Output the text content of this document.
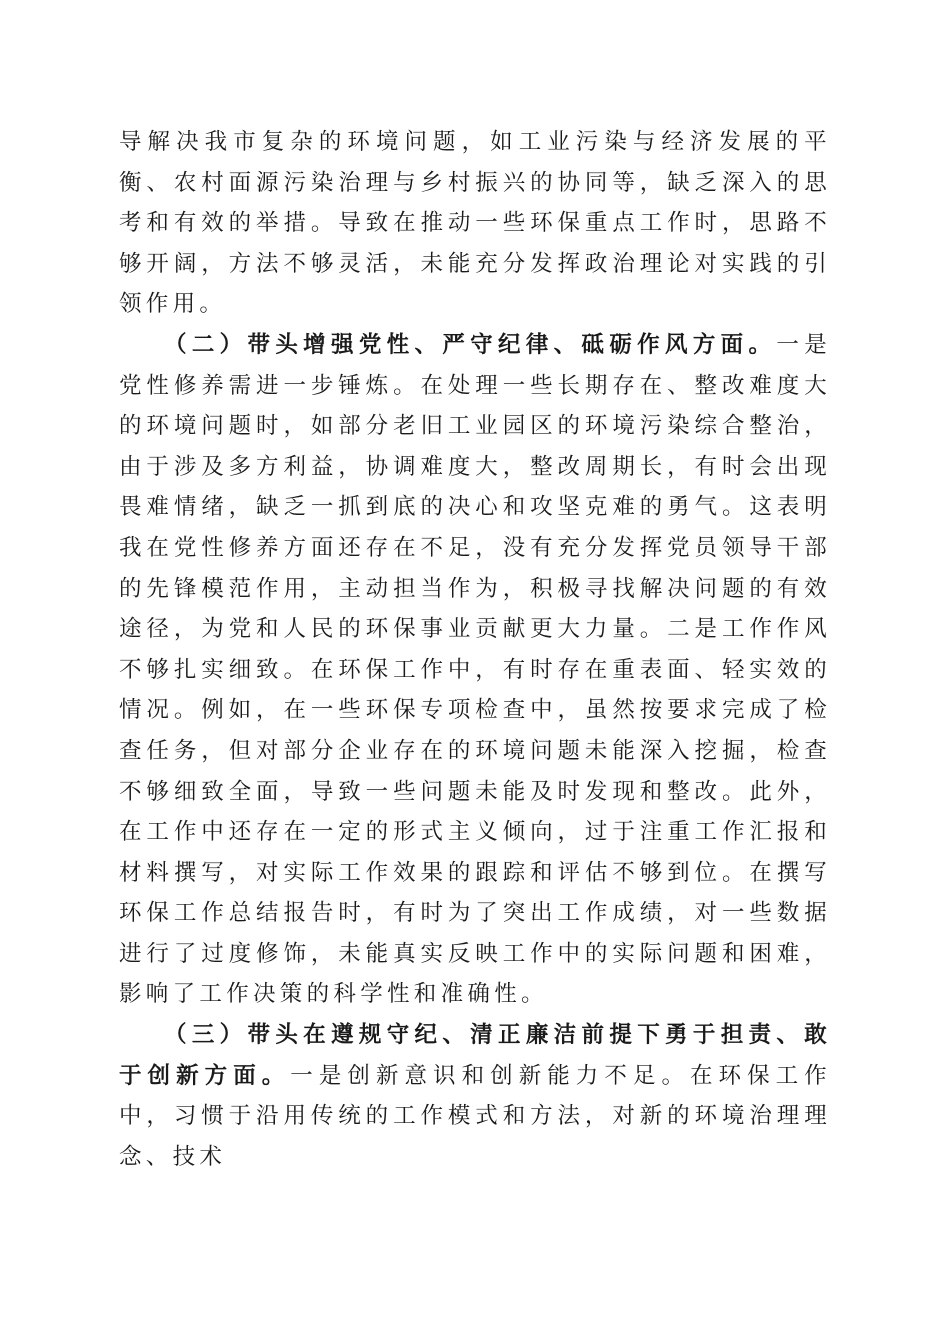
导解决我市复杂的环境问题，如工业污染与经济发展的平衡、农村面源污染治理与乡村振兴的协同等，缺乏深入的思考和有效的举措。导致在推动一些环保重点工作时，思路不够开阔，方法不够灵活，未能充分发挥政治理论对实践的引领作用。

（二）带头增强党性、严守纪律、砥砺作风方面。一是党性修养需进一步锤炼。在处理一些长期存在、整改难度大的环境问题时，如部分老旧工业园区的环境污染综合整治，由于涉及多方利益，协调难度大，整改周期长，有时会出现畏难情绪，缺乏一抓到底的决心和攻坚克难的勇气。这表明我在党性修养方面还存在不足，没有充分发挥党员领导干部的先锋模范作用，主动担当作为，积极寻找解决问题的有效途径，为党和人民的环保事业贡献更大力量。二是工作作风不够扎实细致。在环保工作中，有时存在重表面、轻实效的情况。例如，在一些环保专项检查中，虽然按要求完成了检查任务，但对部分企业存在的环境问题未能深入挖掘，检查不够细致全面，导致一些问题未能及时发现和整改。此外，在工作中还存在一定的形式主义倾向，过于注重工作汇报和材料撰写，对实际工作效果的跟踪和评估不够到位。在撰写环保工作总结报告时，有时为了突出工作成绩，对一些数据进行了过度修饰，未能真实反映工作中的实际问题和困难，影响了工作决策的科学性和准确性。

（三）带头在遵规守纪、清正廉洁前提下勇于担责、敢于创新方面。一是创新意识和创新能力不足。在环保工作中，习惯于沿用传统的工作模式和方法，对新的环境治理理念、技术
